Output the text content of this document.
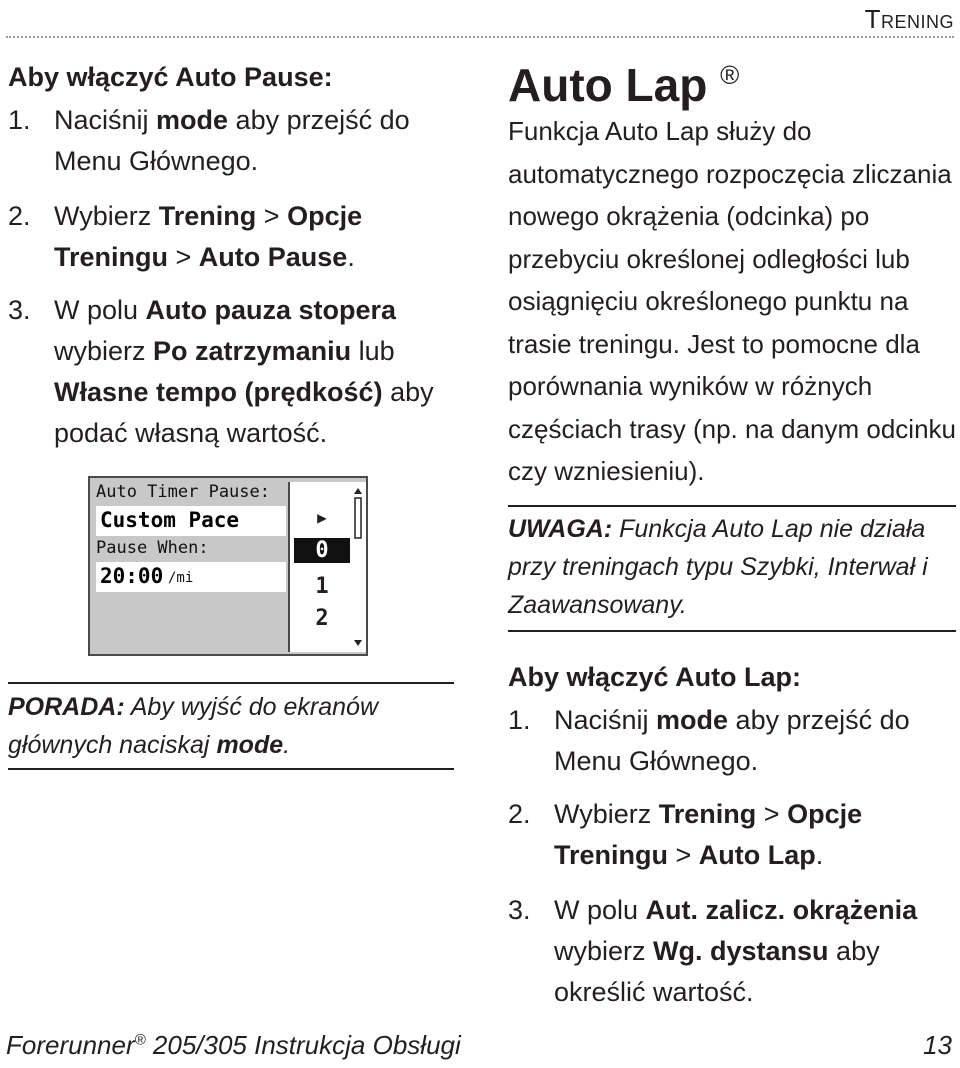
Trening
Aby włączyć Auto Pause:
1. Naciśnij mode aby przejść do Menu Głównego.
2. Wybierz Trening > Opcje Treningu > Auto Pause.
3. W polu Auto pauza stopera wybierz Po zatrzymaniu lub Własne tempo (prędkość) aby podać własną wartość.
Auto Timer Pause:
Custom Pace
Pause When:
20:00 /mi
▶
0
1
2
PORADA: Aby wyjść do ekranów głównych naciskaj mode.
Auto Lap ®
Funkcja Auto Lap służy do automatycznego rozpoczęcia zliczania nowego okrążenia (odcinka) po przebyciu określonej odległości lub osiągnięciu określonego punktu na trasie treningu. Jest to pomocne dla porównania wyników w różnych częściach trasy (np. na danym odcinku czy wzniesieniu).
UWAGA: Funkcja Auto Lap nie działa przy treningach typu Szybki, Interwał i Zaawansowany.
Aby włączyć Auto Lap:
1. Naciśnij mode aby przejść do Menu Głównego.
2. Wybierz Trening > Opcje Treningu > Auto Lap.
3. W polu Aut. zalicz. okrążenia wybierz Wg. dystansu aby określić wartość.
Forerunner® 205/305 Instrukcja Obsługi	13
